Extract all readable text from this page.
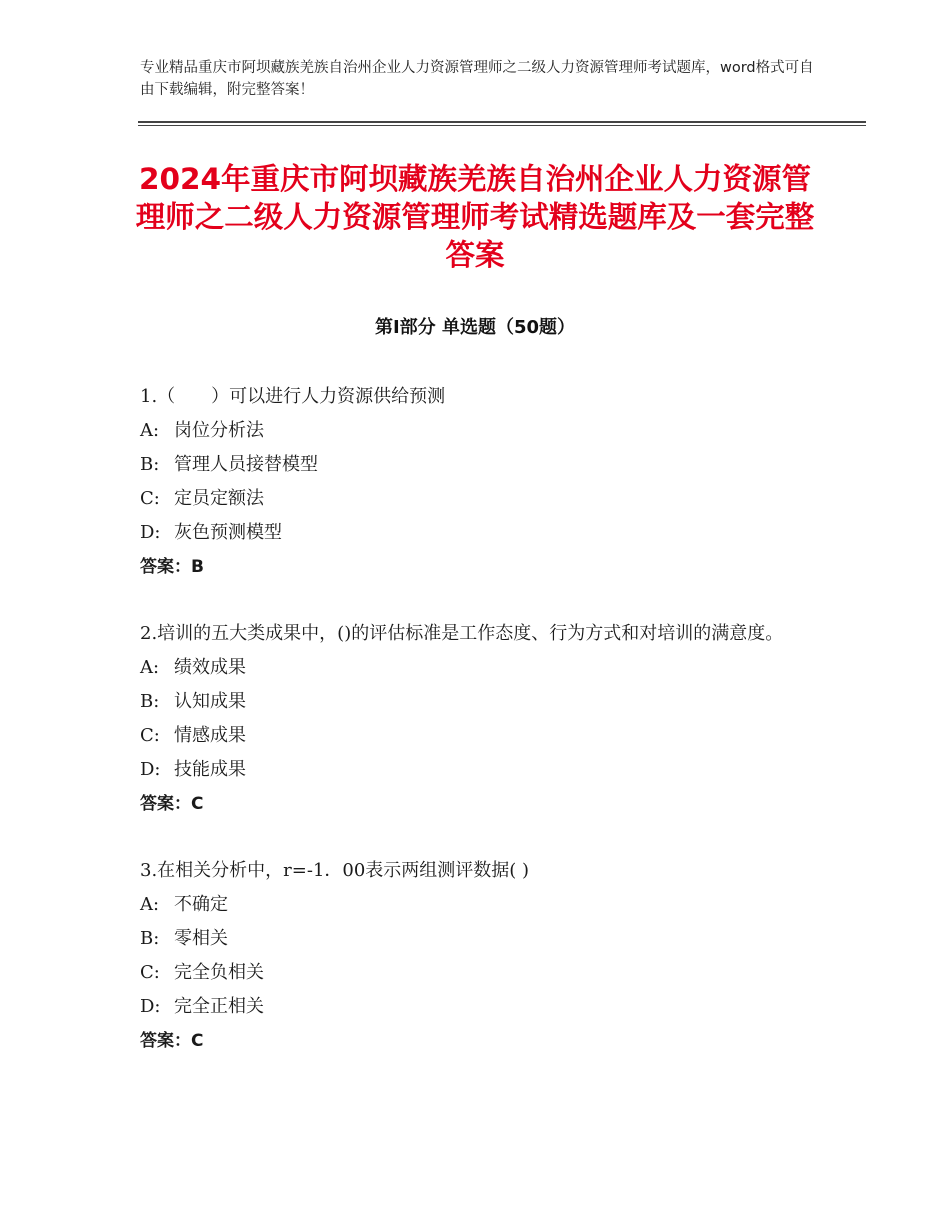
专业精品重庆市阿坝藏族羌族自治州企业人力资源管理师之二级人力资源管理师考试题库，word格式可自由下载编辑，附完整答案！
2024年重庆市阿坝藏族羌族自治州企业人力资源管理师之二级人力资源管理师考试精选题库及一套完整答案
第Ⅰ部分 单选题（50题）

1.（　　）可以进行人力资源供给预测

A: 岗位分析法

B: 管理人员接替模型

C: 定员定额法

D: 灰色预测模型

答案：B

2.培训的五大类成果中，()的评估标准是工作态度、行为方式和对培训的满意度。

A: 绩效成果

B: 认知成果

C: 情感成果

D: 技能成果

答案：C

3.在相关分析中，r=-1．00表示两组测评数据( )

A: 不确定

B: 零相关

C: 完全负相关

D: 完全正相关

答案：C
